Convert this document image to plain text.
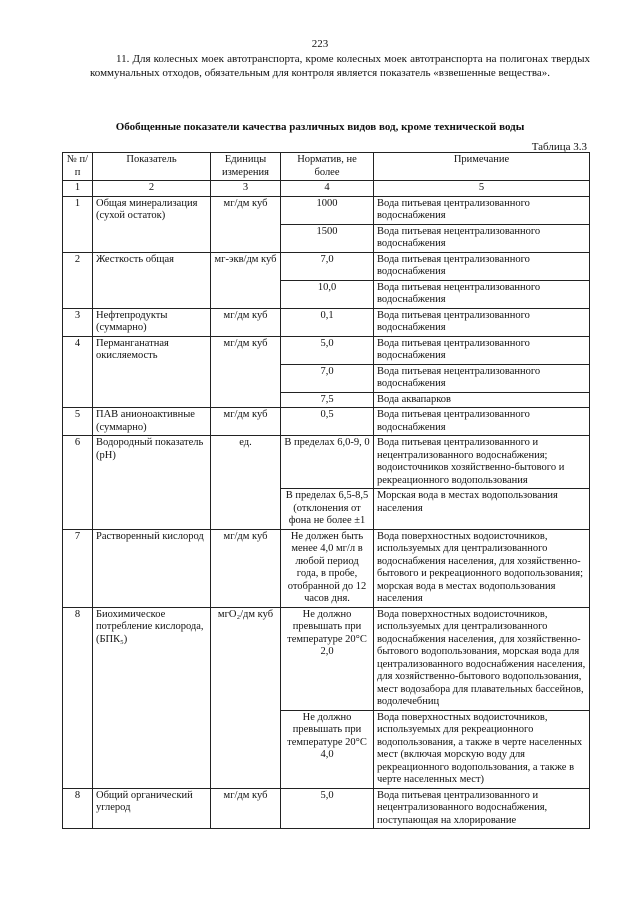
223
11. Для колесных моек автотранспорта, кроме колесных моек автотранспорта на полигонах твердых коммунальных отходов, обязательным для контроля является показатель «взвешенные вещества».
Обобщенные показатели качества различных видов вод, кроме технической воды
Таблица 3.3
№ п/п	Показатель	Единицы измерения	Норматив, не более	Примечание
1	2	3	4	5
1	Общая минерализация (сухой остаток)	мг/дм куб	1000	Вода питьевая централизованного водоснабжения
			1500	Вода питьевая нецентрализованного водоснабжения
2	Жесткость общая	мг-экв/дм куб	7,0	Вода питьевая централизованного водоснабжения
			10,0	Вода питьевая нецентрализованного водоснабжения
3	Нефтепродукты (суммарно)	мг/дм куб	0,1	Вода питьевая централизованного водоснабжения
4	Перманганатная окисляемость	мг/дм куб	5,0	Вода питьевая централизованного водоснабжения
			7,0	Вода питьевая нецентрализованного водоснабжения
			7,5	Вода аквапарков
5	ПАВ анионоактивные (суммарно)	мг/дм куб	0,5	Вода питьевая централизованного водоснабжения
6	Водородный показатель (pH)	ед.	В пределах 6,0-9, 0	Вода питьевая централизованного и нецентрализованного водоснабжения; водоисточников хозяйственно-бытового и рекреационного водопользования
			В пределах 6,5-8,5 (отклонения от фона не более ±1	Морская вода в местах водопользования населения
7	Растворенный кислород	мг/дм куб	Не должен быть менее 4,0 мг/л в любой период года, в пробе, отобранной до 12 часов дня.	Вода поверхностных водоисточников, используемых для централизованного водоснабжения населения, для хозяйственно-бытового и рекреационного водопользования; морская вода в местах водопользования населения
8	Биохимическое потребление кислорода, (БПК₅)	мгО₂/дм куб	Не должно превышать при температуре 20°С 2,0	Вода поверхностных водоисточников, используемых для централизованного водоснабжения населения, для хозяйственно-бытового водопользования, морская вода для централизованного водоснабжения населения, для хозяйственно-бытового водопользования, мест водозабора для плавательных бассейнов, водолечебниц
			Не должно превышать при температуре 20°С 4,0	Вода поверхностных водоисточников, используемых для рекреационного водопользования, а также в черте населенных мест (включая морскую воду для рекреационного водопользования, а также в черте населенных мест)
8	Общий органический углерод	мг/дм куб	5,0	Вода питьевая централизованного и нецентрализованного водоснабжения, поступающая на хлорирование
